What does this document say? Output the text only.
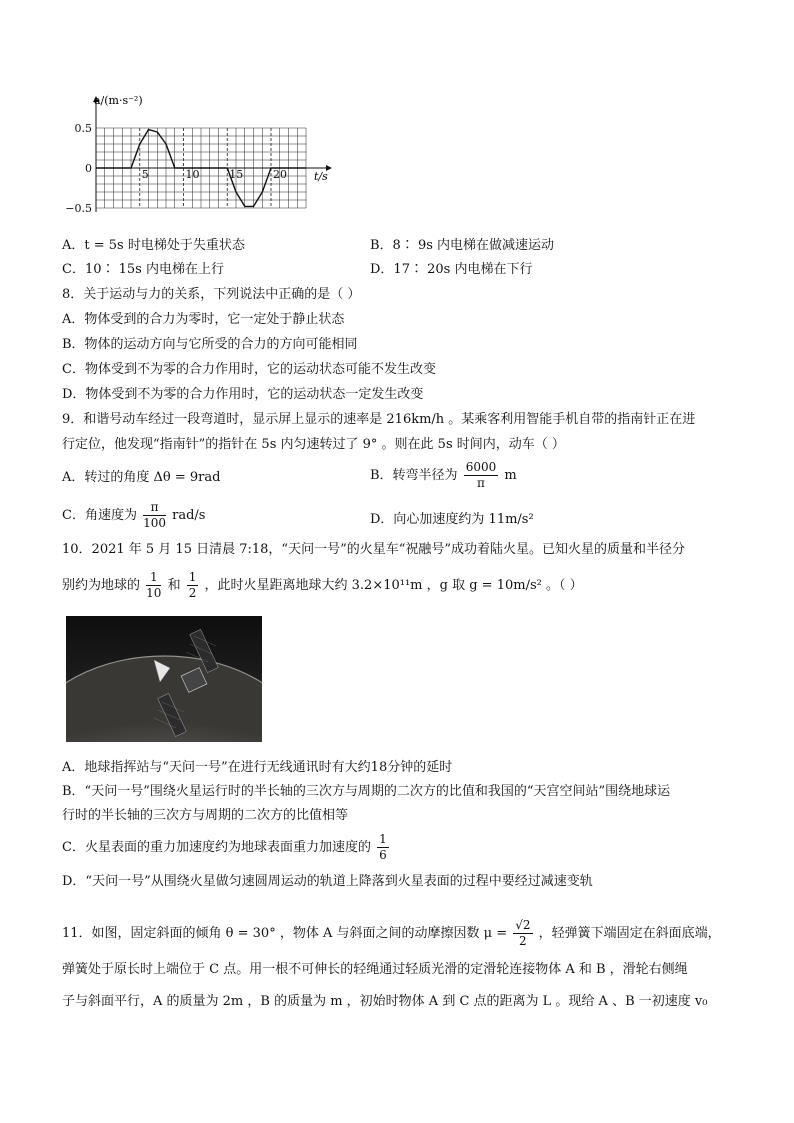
5	10	15	20
0.5
0
−0.5
a/(m·s⁻²)
t/s
A．t = 5s 时电梯处于失重状态	B．8∶ 9s 内电梯在做减速运动
C．10∶ 15s 内电梯在上行	D．17∶ 20s 内电梯在下行
8．关于运动与力的关系，下列说法中正确的是（ ）
A．物体受到的合力为零时，它一定处于静止状态
B．物体的运动方向与它所受的合力的方向可能相同
C．物体受到不为零的合力作用时，它的运动状态可能不发生改变
D．物体受到不为零的合力作用时，它的运动状态一定发生改变
9．和谐号动车经过一段弯道时，显示屏上显示的速率是 216km/h 。某乘客利用智能手机自带的指南针正在进
行定位，他发现“指南针”的指针在 5s 内匀速转过了 9° 。则在此 5s 时间内，动车（ ）
A．转过的角度 Δθ = 9rad	B．转弯半径为 $\frac{6000}{\pi}$ m
C．角速度为 $\frac{\pi}{100} rad/s$	D．向心加速度约为 11m/s²
10．2021 年 5 月 15 日清晨 7:18，“天问一号”的火星车“祝融号”成功着陆火星。已知火星的质量和半径分
别约为地球的 $\frac{1}{10}$ 和 $\frac{1}{2}$ ，此时火星距离地球大约 3.2×10¹¹m ，g 取 g = 10m/s² 。（ ）
A．地球指挥站与“天问一号”在进行无线通讯时有大约18分钟的延时
B．“天问一号”围绕火星运行时的半长轴的三次方与周期的二次方的比值和我国的“天宫空间站”围绕地球运
行时的半长轴的三次方与周期的二次方的比值相等
C．火星表面的重力加速度约为地球表面重力加速度的 $\frac{1}{6}$
D．“天问一号”从围绕火星做匀速圆周运动的轨道上降落到火星表面的过程中要经过减速变轨
11．如图，固定斜面的倾角 θ = 30° ，物体 A 与斜面之间的动摩擦因数 $\mu = \frac{√2}{2}$ ，轻弹簧下端固定在斜面底端，
弹簧处于原长时上端位于 C 点。用一根不可伸长的轻绳通过轻质光滑的定滑轮连接物体 A 和 B ，滑轮右侧绳
子与斜面平行，A 的质量为 2m ，B 的质量为 m ，初始时物体 A 到 C 点的距离为 L 。现给 A 、B 一初速度 v₀
